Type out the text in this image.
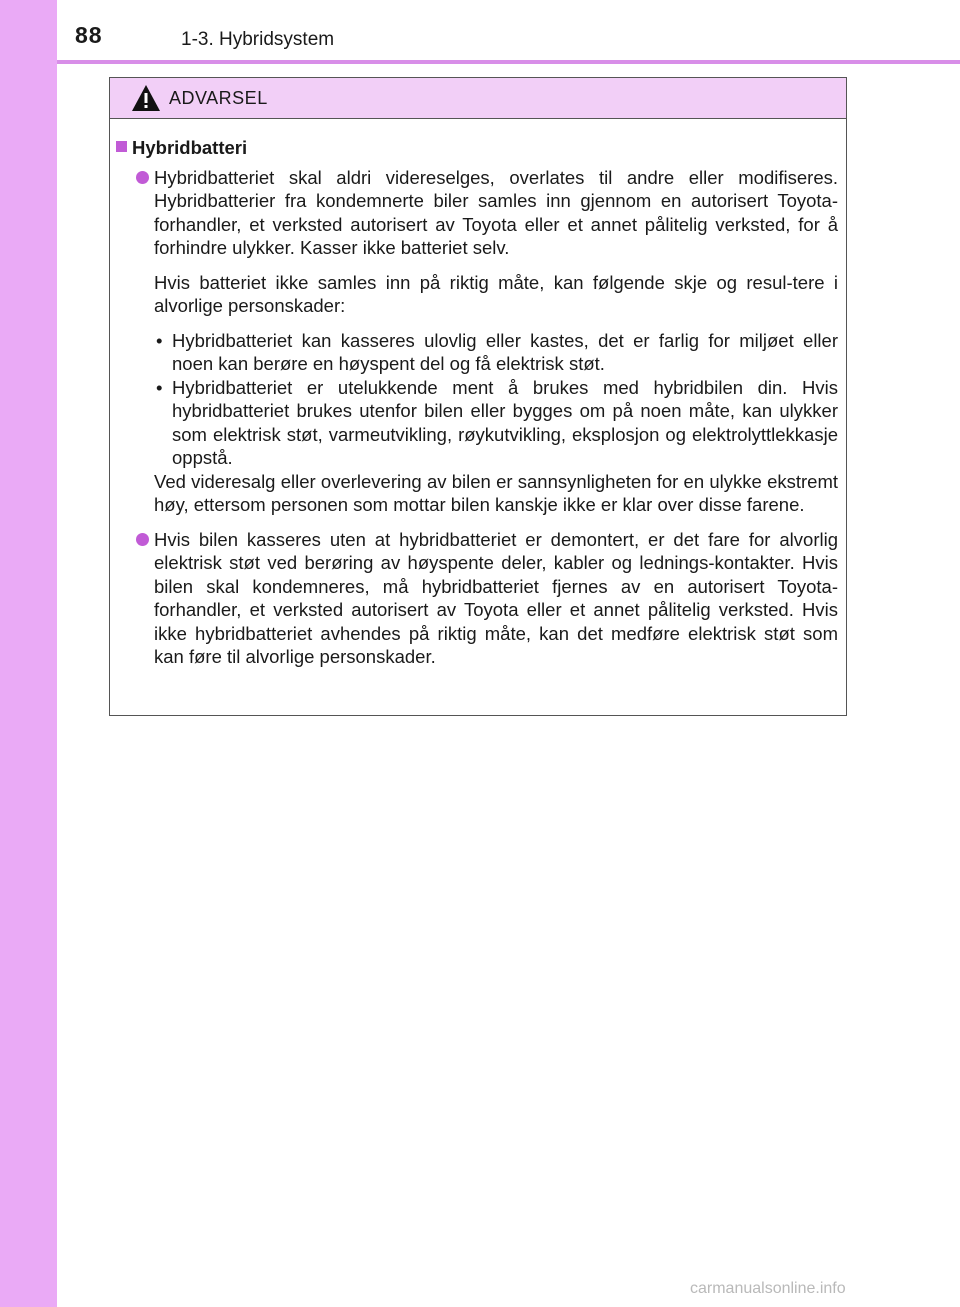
88	1-3. Hybridsystem
ADVARSEL
Hybridbatteri
Hybridbatteriet skal aldri videreselges, overlates til andre eller modifiseres. Hybridbatterier fra kondemnerte biler samles inn gjennom en autorisert Toyota-forhandler, et verksted autorisert av Toyota eller et annet pålitelig verksted, for å forhindre ulykker. Kasser ikke batteriet selv.
Hvis batteriet ikke samles inn på riktig måte, kan følgende skje og resul-tere i alvorlige personskader:
• Hybridbatteriet kan kasseres ulovlig eller kastes, det er farlig for miljøet eller noen kan berøre en høyspent del og få elektrisk støt.
• Hybridbatteriet er utelukkende ment å brukes med hybridbilen din. Hvis hybridbatteriet brukes utenfor bilen eller bygges om på noen måte, kan ulykker som elektrisk støt, varmeutvikling, røykutvikling, eksplosjon og elektrolyttlekkasje oppstå.
Ved videresalg eller overlevering av bilen er sannsynligheten for en ulykke ekstremt høy, ettersom personen som mottar bilen kanskje ikke er klar over disse farene.
Hvis bilen kasseres uten at hybridbatteriet er demontert, er det fare for alvorlig elektrisk støt ved berøring av høyspente deler, kabler og lednings-kontakter. Hvis bilen skal kondemneres, må hybridbatteriet fjernes av en autorisert Toyota-forhandler, et verksted autorisert av Toyota eller et annet pålitelig verksted. Hvis ikke hybridbatteriet avhendes på riktig måte, kan det medføre elektrisk støt som kan føre til alvorlige personskader.
carmanualsonline.info
